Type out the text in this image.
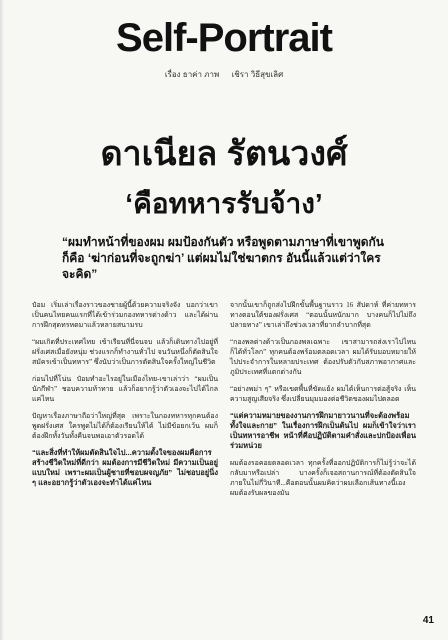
Self-Portrait
เรื่อง ธาค่า ภาพ เชิรา วิธีสุขเลิศ
ดาเนียล รัตนวงศ์
‘คือทหารรับจ้าง’
“ผมทำหน้าที่ของผม ผมป้องกันตัว หรือพูดตามภาษาที่เขาพูดกันก็คือ ‘ฆ่าก่อนที่จะถูกฆ่า’ แต่ผมไม่ใช่ฆาตกร อันนี้แล้วแต่ว่าใครจะคิด”

ป๋อม เริ่มเล่าเรื่องราวของชายผู้นี้ด้วยความจริงจัง บอกว่าเขาเป็นคนไทยคนแรกที่ได้เข้าร่วมกองทหารต่างด้าว และได้ผ่านการฝึกสุดทรหดมาแล้วหลายสนามรบ

“ผมเกิดที่ประเทศไทย เข้าเรียนที่นี่จนจบ แล้วก็เดินทางไปอยู่ที่ฝรั่งเศสเมื่อยังหนุ่ม ช่วงแรกก็ทำงานทั่วไป จนวันหนึ่งก็ตัดสินใจสมัครเข้าเป็นทหาร” ซึ่งนับว่าเป็นการตัดสินใจครั้งใหญ่ในชีวิต

ก่อนไปที่โน่น ป๋อมทำอะไรอยู่ในเมืองไทย-เขาเล่าว่า “ผมเป็นนักกีฬา” ชอบความท้าทาย แล้วก็อยากรู้ว่าตัวเองจะไปได้ไกลแค่ไหน

ปัญหาเรื่องภาษาถือว่าใหญ่ที่สุด เพราะในกองทหารทุกคนต้องพูดฝรั่งเศส ใครพูดไม่ได้ก็ต้องเรียนให้ได้ ไม่มีข้อยกเว้น ผมก็ต้องฝึกทั้งวันทั้งคืนจนพอเอาตัวรอดได้

“และสิ่งที่ทำให้ผมตัดสินใจไป...ความตั้งใจของผมคือการสร้างชีวิตใหม่ที่ดีกว่า ผมต้องการมีชีวิตใหม่ มีความเป็นอยู่แบบใหม่ เพราะผมเป็นผู้ชายที่ชอบผจญภัย” ไม่ชอบอยู่นิ่ง ๆ และอยากรู้ว่าตัวเองจะทำได้แค่ไหน

จากนั้นเขาก็ถูกส่งไปฝึกขั้นพื้นฐานราว 16 สัปดาห์ ที่ค่ายทหารทางตอนใต้ของฝรั่งเศส “ตอนนั้นหนักมาก บางคนก็ไปไม่ถึงปลายทาง” เขาเล่าถึงช่วงเวลาที่ยากลำบากที่สุด

“กองพลต่างด้าวเป็นกองพลเฉพาะ เขาสามารถส่งเราไปไหนก็ได้ทั่วโลก” ทุกคนต้องพร้อมตลอดเวลา ผมได้รับมอบหมายให้ไปประจำการในหลายประเทศ ต้องปรับตัวกับสภาพอากาศและภูมิประเทศที่แตกต่างกัน

“อย่างพม่า ๆ” หรือเขตพื้นที่ขัดแย้ง ผมได้เห็นการต่อสู้จริง เห็นความสูญเสียจริง ซึ่งเปลี่ยนมุมมองต่อชีวิตของผมไปตลอด

“แต่ความหมายของงานการฝึกมายาวนานที่จะต้องพร้อมทั้งใจและกาย” ในเรื่องการฝึกเป็นต้นไป ผมก็เข้าใจว่าเราเป็นทหารอาชีพ หน้าที่คือปฏิบัติตามคำสั่งและปกป้องเพื่อนร่วมหน่วย

ผมต้องรอคอยตลอดเวลา ทุกครั้งที่ออกปฏิบัติการก็ไม่รู้ว่าจะได้กลับมาหรือเปล่า บางครั้งก็เจอสถานการณ์ที่ต้องตัดสินใจภายในไม่กี่วินาที...คือตอนนั้นผมคิดว่าผมเลือกเส้นทางนี้เอง ผมต้องรับผลของมัน

41
